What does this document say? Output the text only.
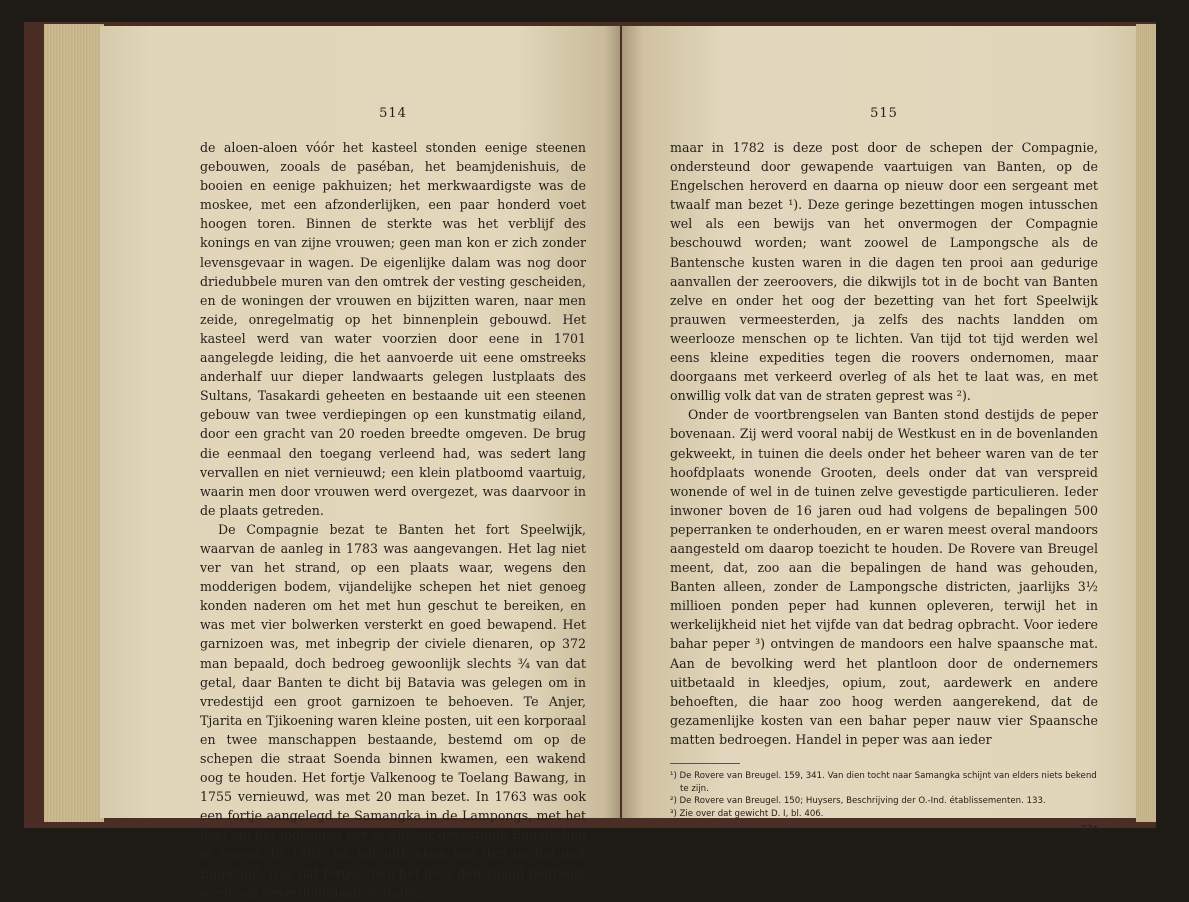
514

de aloen-aloen vóór het kasteel stonden eenige steenen gebouwen, zooals de paséban, het beamjdenishuis, de booien en eenige pakhuizen; het merkwaardigste was de moskee, met een afzonderlijken, een paar honderd voet hoogen toren. Binnen de sterkte was het verblijf des konings en van zijne vrouwen; geen man kon er zich zonder levensgevaar in wagen. De eigenlijke dalam was nog door driedubbele muren van den omtrek der vesting gescheiden, en de woningen der vrouwen en bijzitten waren, naar men zeide, onregelmatig op het binnenplein gebouwd. Het kasteel werd van water voorzien door eene in 1701 aangelegde leiding, die het aanvoerde uit eene omstreeks anderhalf uur dieper landwaarts gelegen lustplaats des Sultans, Tasakardi geheeten en bestaande uit een steenen gebouw van twee verdiepingen op een kunstmatig eiland, door een gracht van 20 roeden breedte omgeven. De brug die eenmaal den toegang verleend had, was sedert lang vervallen en niet vernieuwd; een klein platboomd vaartuig, waarin men door vrouwen werd overgezet, was daarvoor in de plaats getreden.

De Compagnie bezat te Banten het fort Speelwijk, waarvan de aanleg in 1783 was aangevangen. Het lag niet ver van het strand, op een plaats waar, wegens den modderigen bodem, vijandelijke schepen het niet genoeg konden naderen om het met hun geschut te bereiken, en was met vier bolwerken versterkt en goed bewapend. Het garnizoen was, met inbegrip der civiele dienaren, op 372 man bepaald, doch bedroeg gewoonlijk slechts ¾ van dat getal, daar Banten te dicht bij Batavia was gelegen om in vredestijd een groot garnizoen te behoeven. Te Anjer, Tjarita en Tjikoening waren kleine posten, uit een korporaal en twee manschappen bestaande, bestemd om op de schepen die straat Soenda binnen kwamen, een wakend oog te houden. Het fortje Valkenoog te Toelang Bawang, in 1755 vernieuwd, was met 20 man bezet. In 1763 was ook een fortje aangelegd te Samangka in de Lampongs, met het doel om het indringen der te Silebar gevestigde Engelschen te weren. In 1781, na het uitbreken van den oorlog met Engeland, was dat fortje, toen het door den vijand bedreigd werd, als onverdedigbaar verlaten;

515

maar in 1782 is deze post door de schepen der Compagnie, ondersteund door gewapende vaartuigen van Banten, op de Engelschen heroverd en daarna op nieuw door een sergeant met twaalf man bezet ¹). Deze geringe bezettingen mogen intusschen wel als een bewijs van het onvermogen der Compagnie beschouwd worden; want zoowel de Lampongsche als de Bantensche kusten waren in die dagen ten prooi aan gedurige aanvallen der zeeroovers, die dikwijls tot in de bocht van Banten zelve en onder het oog der bezetting van het fort Speelwijk prauwen vermeesterden, ja zelfs des nachts landden om weerlooze menschen op te lichten. Van tijd tot tijd werden wel eens kleine expedities tegen die roovers ondernomen, maar doorgaans met verkeerd overleg of als het te laat was, en met onwillig volk dat van de straten geprest was ²).

Onder de voortbrengselen van Banten stond destijds de peper bovenaan. Zij werd vooral nabij de Westkust en in de bovenlanden gekweekt, in tuinen die deels onder het beheer waren van de ter hoofdplaats wonende Grooten, deels onder dat van verspreid wonende of wel in de tuinen zelve gevestigde particulieren. Ieder inwoner boven de 16 jaren oud had volgens de bepalingen 500 peperranken te onderhouden, en er waren meest overal mandoors aangesteld om daarop toezicht te houden. De Rovere van Breugel meent, dat, zoo aan die bepalingen de hand was gehouden, Banten alleen, zonder de Lampongsche districten, jaarlijks 3½ millioen ponden peper had kunnen opleveren, terwijl het in werkelijkheid niet het vijfde van dat bedrag opbracht. Voor iedere bahar peper ³) ontvingen de mandoors een halve spaansche mat. Aan de bevolking werd het plantloon door de ondernemers uitbetaald in kleedjes, opium, zout, aardewerk en andere behoeften, die haar zoo hoog werden aangerekend, dat de gezamenlijke kosten van een bahar peper nauw vier Spaansche matten bedroegen. Handel in peper was aan ieder

¹) De Rovere van Breugel. 159, 341. Van dien tocht naar Samangka schijnt van elders niets bekend te zijn.

²) De Rovere van Breugel. 150; Huysers, Beschrijving der O.-Ind. établissementen. 133.

³) Zie over dat gewicht D. I, bl. 406.

33*
